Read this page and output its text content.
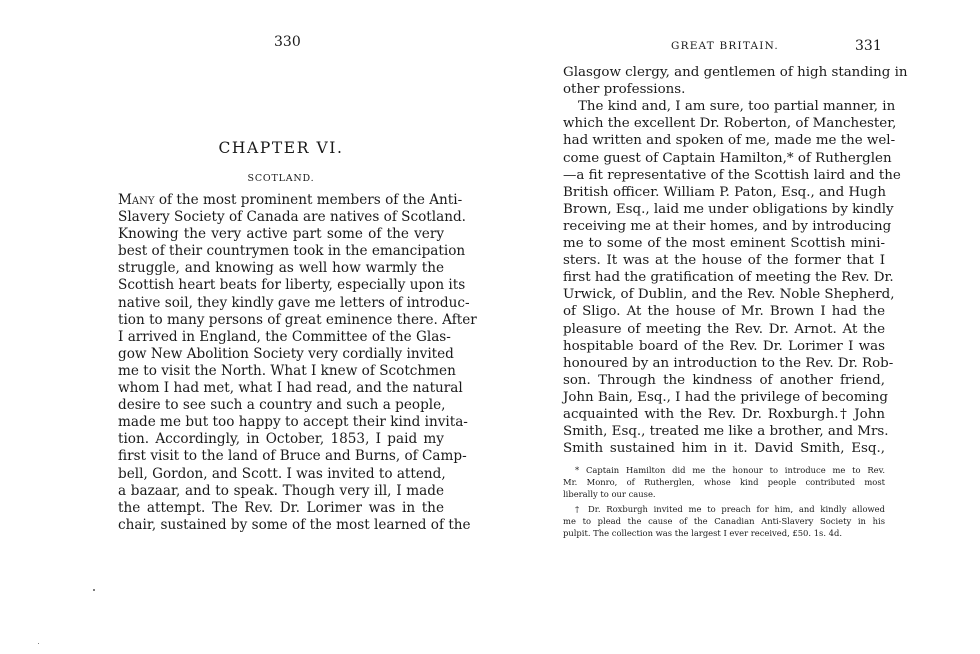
330
CHAPTER VI.
SCOTLAND.
Many of the most prominent members of the Anti-
Slavery Society of Canada are natives of Scotland.
Knowing the very active part some of the very
best of their countrymen took in the emancipation
struggle, and knowing as well how warmly the
Scottish heart beats for liberty, especially upon its
native soil, they kindly gave me letters of introduc-
tion to many persons of great eminence there. After
I arrived in England, the Committee of the Glas-
gow New Abolition Society very cordially invited
me to visit the North. What I knew of Scotchmen
whom I had met, what I had read, and the natural
desire to see such a country and such a people,
made me but too happy to accept their kind invita-
tion. Accordingly, in October, 1853, I paid my
first visit to the land of Bruce and Burns, of Camp-
bell, Gordon, and Scott. I was invited to attend,
a bazaar, and to speak. Though very ill, I made
the attempt. The Rev. Dr. Lorimer was in the
chair, sustained by some of the most learned of the
GREAT BRITAIN.	331
Glasgow clergy, and gentlemen of high standing in
other professions.
The kind and, I am sure, too partial manner, in
which the excellent Dr. Roberton, of Manchester,
had written and spoken of me, made me the wel-
come guest of Captain Hamilton,* of Rutherglen
—a fit representative of the Scottish laird and the
British officer. William P. Paton, Esq., and Hugh
Brown, Esq., laid me under obligations by kindly
receiving me at their homes, and by introducing
me to some of the most eminent Scottish mini-
sters. It was at the house of the former that I
first had the gratification of meeting the Rev. Dr.
Urwick, of Dublin, and the Rev. Noble Shepherd,
of Sligo. At the house of Mr. Brown I had the
pleasure of meeting the Rev. Dr. Arnot. At the
hospitable board of the Rev. Dr. Lorimer I was
honoured by an introduction to the Rev. Dr. Rob-
son. Through the kindness of another friend,
John Bain, Esq., I had the privilege of becoming
acquainted with the Rev. Dr. Roxburgh.† John
Smith, Esq., treated me like a brother, and Mrs.
Smith sustained him in it. David Smith, Esq.,
* Captain Hamilton did me the honour to introduce me to Rev.
Mr. Monro, of Rutherglen, whose kind people contributed most
liberally to our cause.
† Dr. Roxburgh invited me to preach for him, and kindly allowed
me to plead the cause of the Canadian Anti-Slavery Society in his
pulpit. The collection was the largest I ever received, £50. 1s. 4d.
